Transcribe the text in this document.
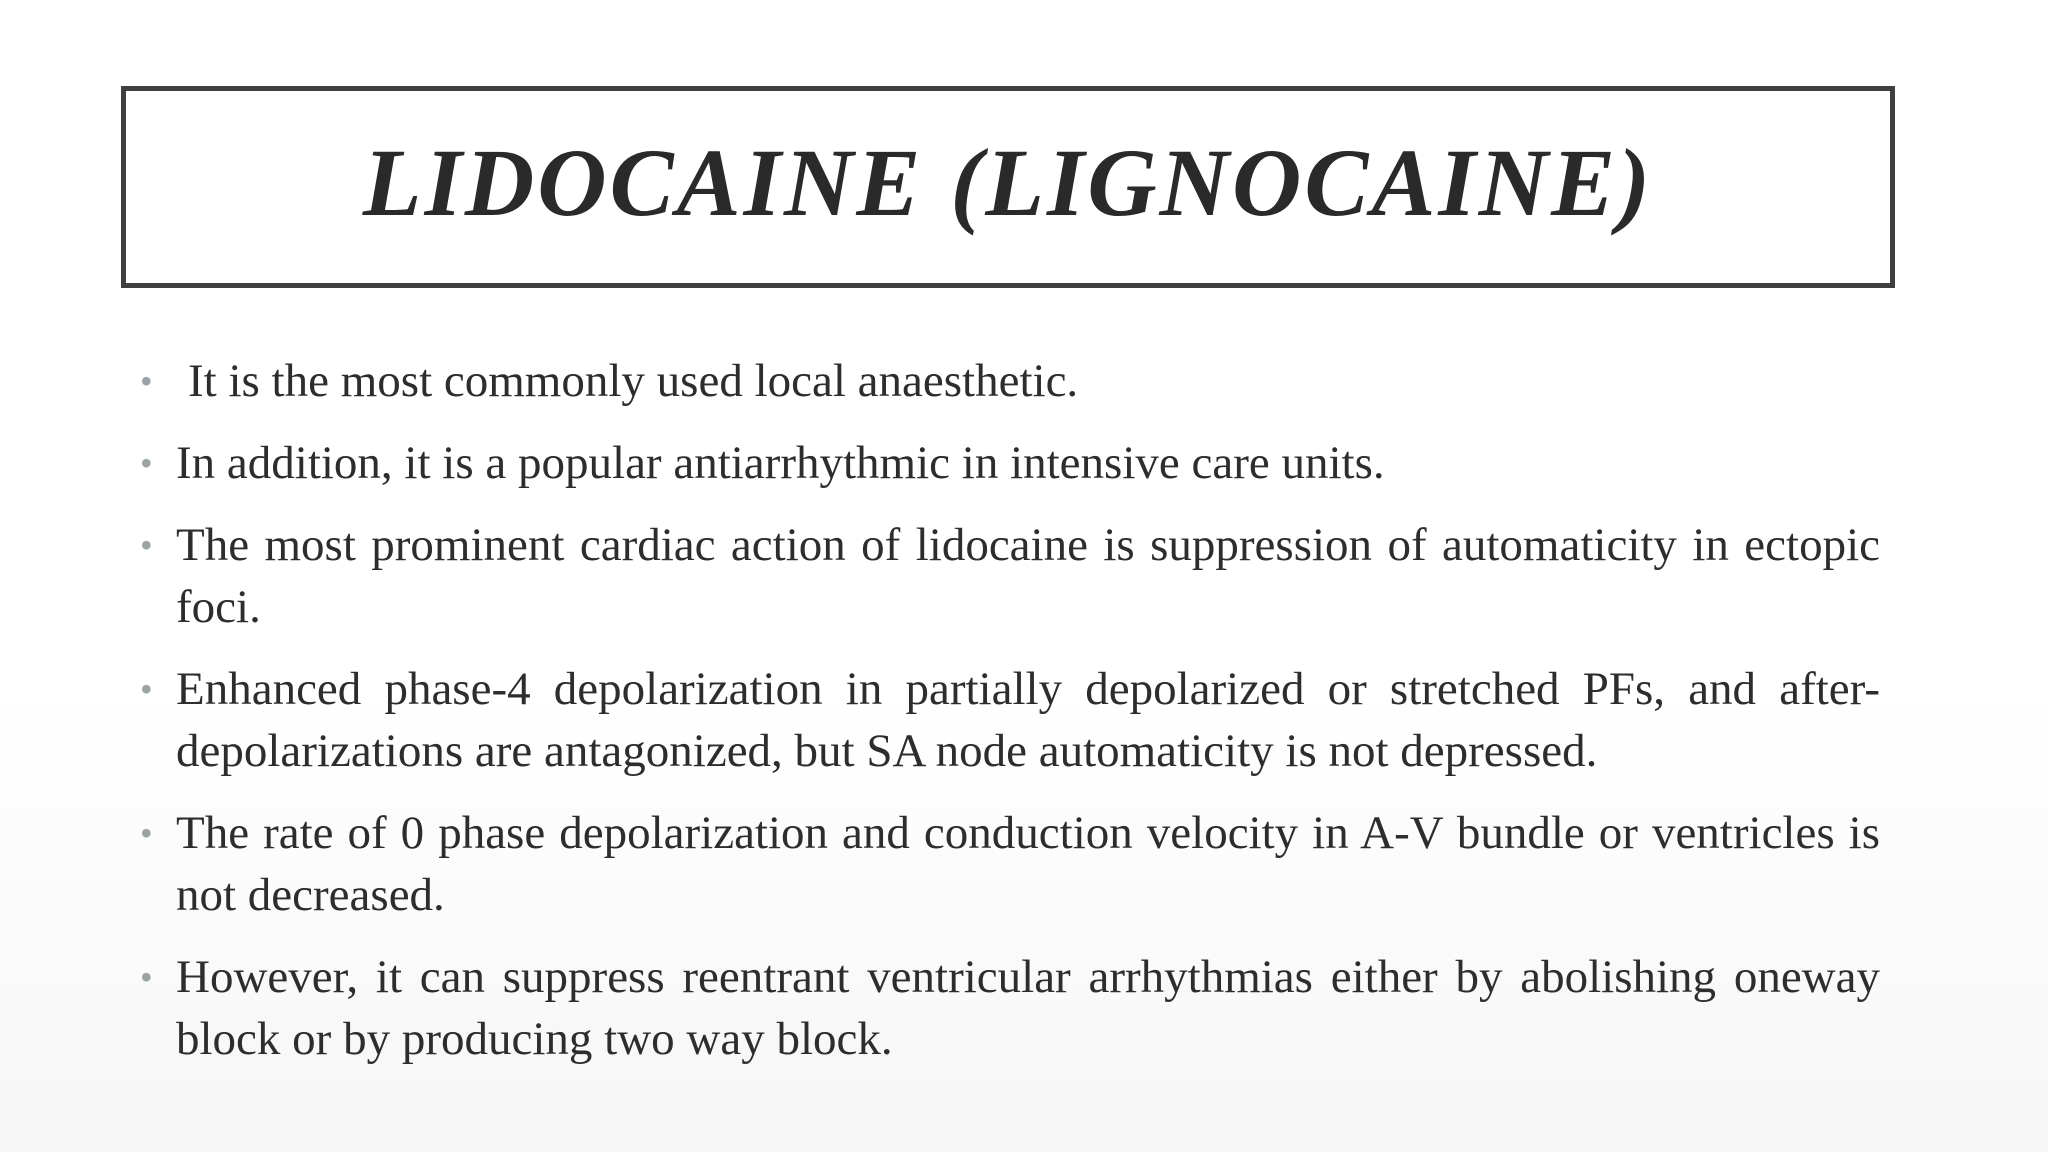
LIDOCAINE (LIGNOCAINE)
• It is the most commonly used local anaesthetic.
• In addition, it is a popular antiarrhythmic in intensive care units.
• The most prominent cardiac action of lidocaine is suppression of automaticity in ectopic foci.
• Enhanced phase-4 depolarization in partially depolarized or stretched PFs, and after-depolarizations are antagonized, but SA node automaticity is not depressed.
• The rate of 0 phase depolarization and conduction velocity in A-V bundle or ventricles is not decreased.
• However, it can suppress reentrant ventricular arrhythmias either by abolishing oneway block or by producing two way block.
